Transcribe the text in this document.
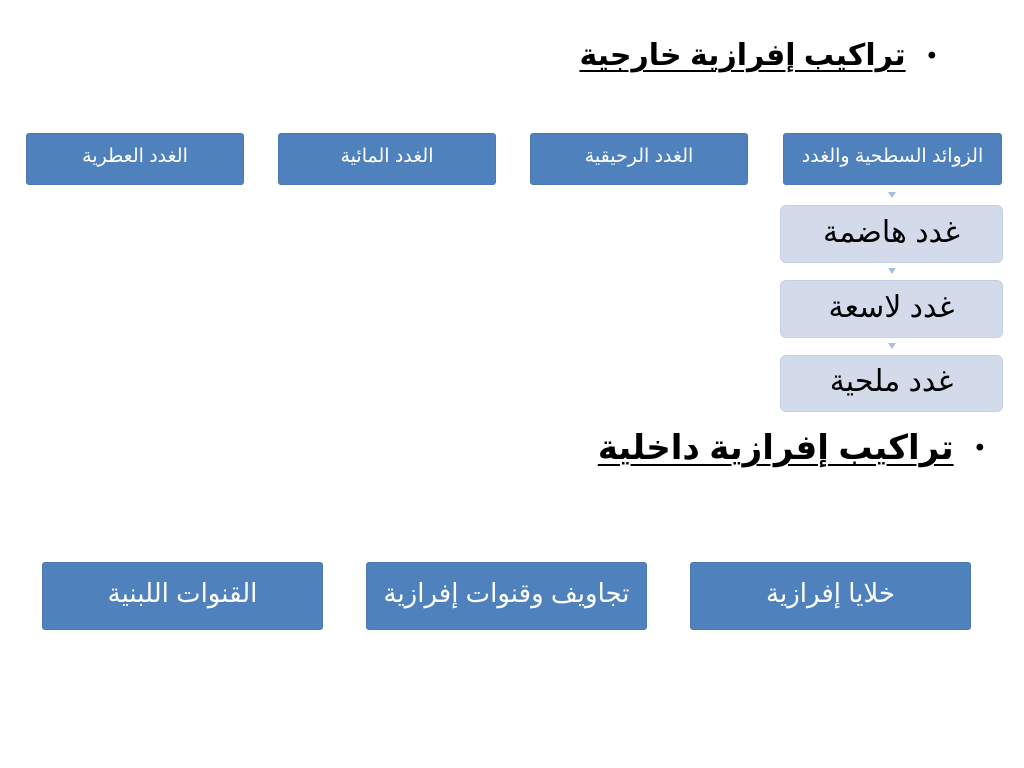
•
تراكيب إفرازية خارجية
الزوائد السطحية والغدد
الغدد الرحيقية
الغدد المائية
الغدد العطرية
غدد هاضمة
غدد لاسعة
غدد ملحية
•
تراكيب إفرازية داخلية
خلايا إفرازية
تجاويف وقنوات إفرازية
القنوات اللبنية
